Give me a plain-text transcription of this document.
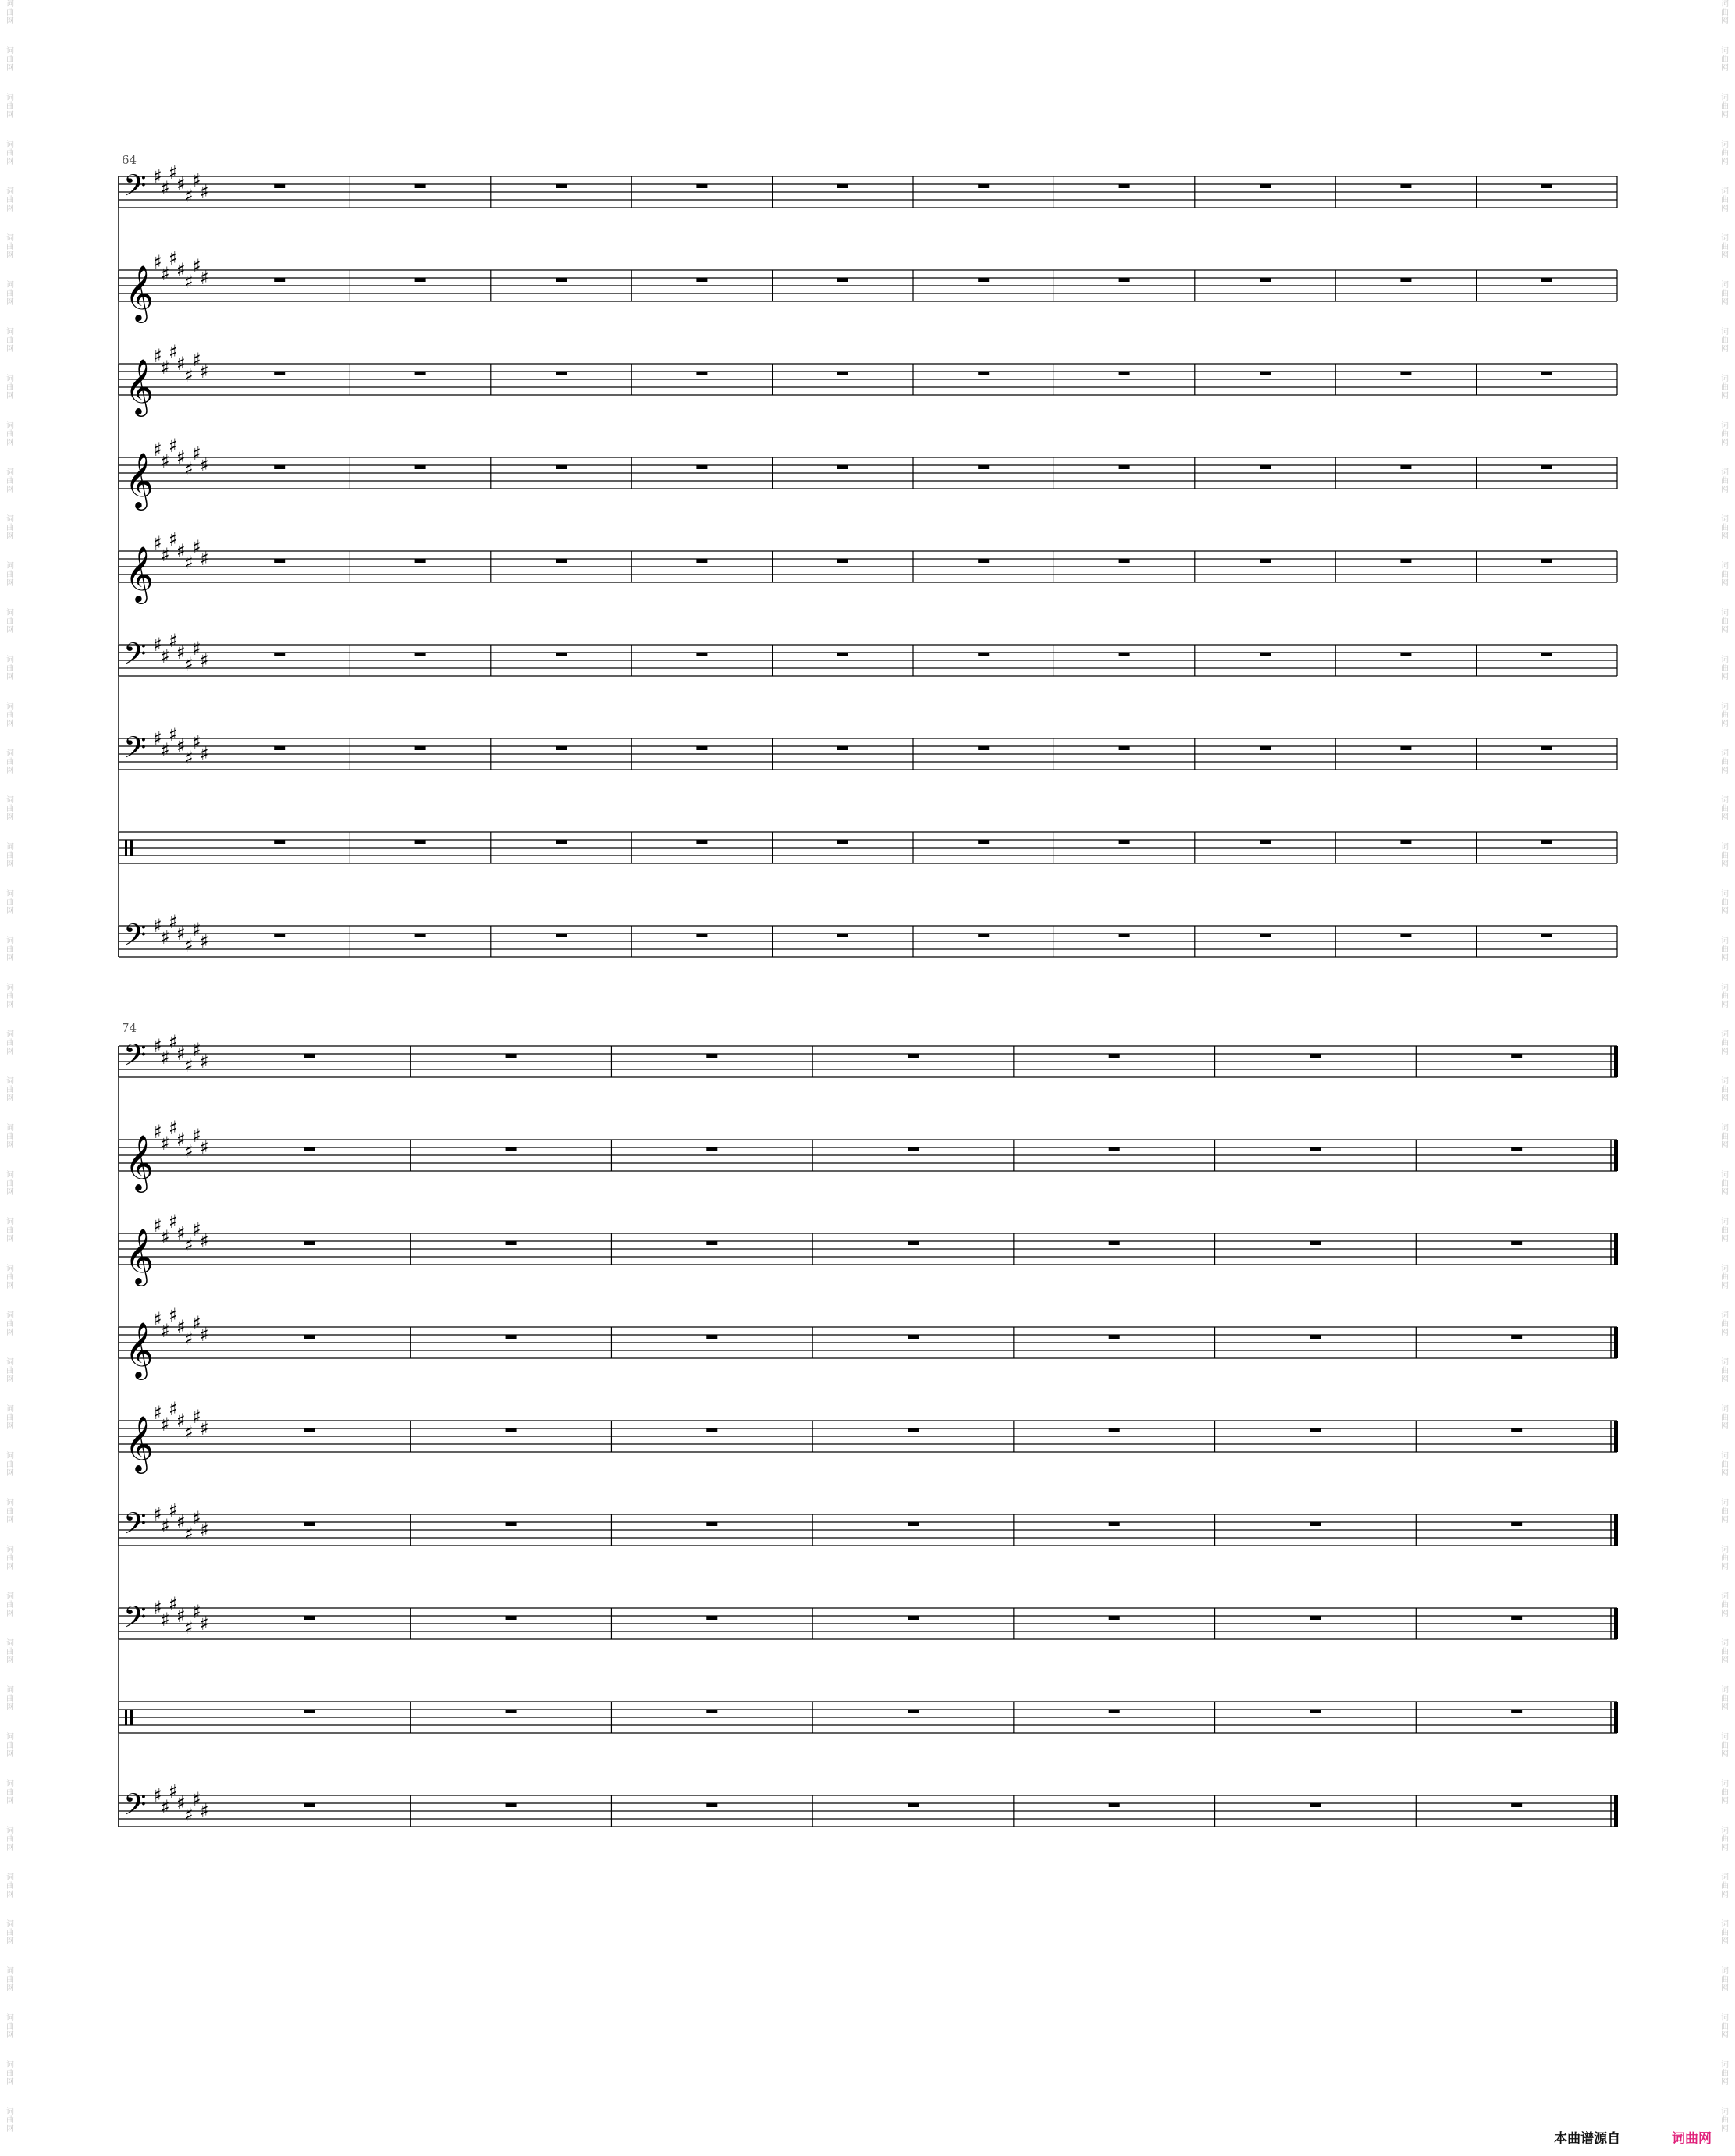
词
曲
网
词
曲
网
词
曲
网
词
曲
网
词
曲
网
词
曲
网
词
曲
网
词
曲
网
词
曲
网
词
曲
网
词
曲
网
词
曲
网
词
曲
网
词
曲
网
词
曲
网
词
曲
网
词
曲
网
词
曲
网
词
曲
网
词
曲
网
词
曲
网
词
曲
网
词
曲
网
词
曲
网
词
曲
网
词
曲
网
词
曲
网
词
曲
网
词
曲
网
词
曲
网
词
曲
网
词
曲
网
词
曲
网
词
曲
网
词
曲
网
词
曲
网
词
曲
网
词
曲
网
词
曲
网
词
曲
网
词
曲
网
词
曲
网
词
曲
网
词
曲
网
词
曲
网
词
曲
网
词
曲
网
词
曲
网
词
曲
网
词
曲
网
词
曲
网
词
曲
网
词
曲
网
词
曲
网
词
曲
网
词
曲
网
词
曲
网
词
曲
网
词
曲
网
词
曲
网
词
曲
网
词
曲
网
词
曲
网
词
曲
网
词
曲
网
词
曲
网
词
曲
网
词
曲
网
词
曲
网
词
曲
网
词
曲
网
词
曲
网
词
曲
网
词
曲
网
词
曲
网
词
曲
网
词
曲
网
词
曲
网
词
曲
网
词
曲
网
词
曲
网
词
曲
网
词
曲
网
词
曲
网
词
曲
网
词
曲
网
词
曲
网
词
曲
网
词
曲
网
词
曲
网
词
曲
网
词
曲
网
64
74
𝄢 ♯
♯
♯
♯
♯
♯
♯
𝄞
♯
♯
♯
♯
♯
♯
♯
𝄞
♯
♯
♯
♯
♯
♯
♯
𝄞
♯
♯
♯
♯
♯
♯
♯
𝄞
♯
♯
♯
♯
♯
♯
♯
𝄢 ♯
♯
♯
♯
♯
♯
♯
𝄢 ♯
♯
♯
♯
♯
♯
♯
𝄢 ♯
♯
♯
♯
♯
♯
♯
𝄢 ♯
♯
♯
♯
♯
♯
♯
𝄞
♯
♯
♯
♯
♯
♯
♯
𝄞
♯
♯
♯
♯
♯
♯
♯
𝄞
♯
♯
♯
♯
♯
♯
♯
𝄞
♯
♯
♯
♯
♯
♯
♯
𝄢 ♯
♯
♯
♯
♯
♯
♯
𝄢 ♯
♯
♯
♯
♯
♯
♯
𝄢 ♯
♯
♯
♯
♯
♯
♯
本曲谱源自	词曲网
